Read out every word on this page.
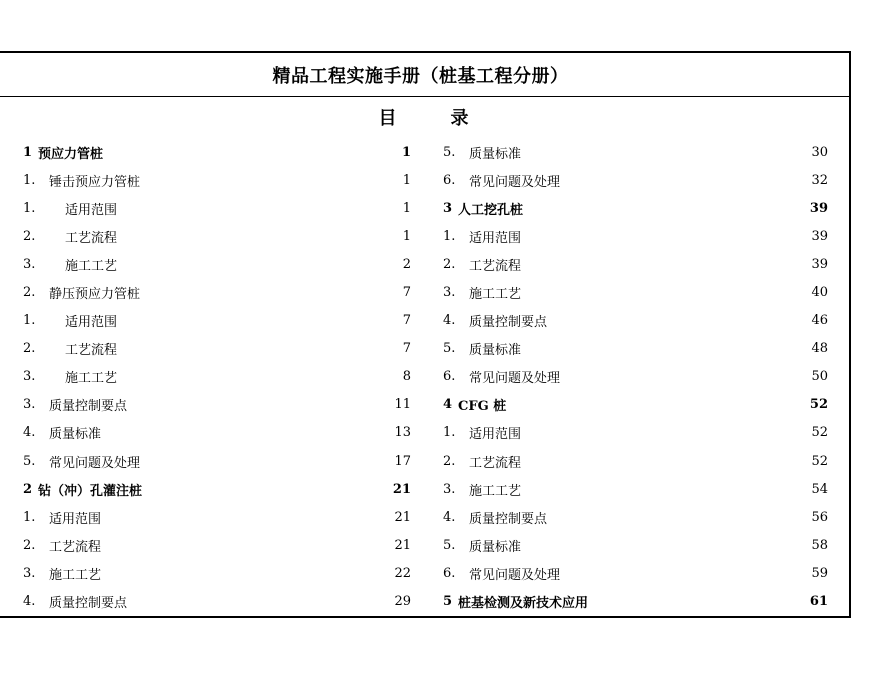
精品工程实施手册（桩基工程分册）
目	录
1 预应力管桩	1
1.	锤击预应力管桩	1
1.	适用范围	1
2.	工艺流程	1
3.	施工工艺	2
2.	静压预应力管桩	7
1.	适用范围	7
2.	工艺流程	7
3.	施工工艺	8
3.	质量控制要点	11
4.	质量标准	13
5.	常见问题及处理	17
2 钻（冲）孔灌注桩	21
1.	适用范围	21
2.	工艺流程	21
3.	施工工艺	22
4.	质量控制要点	29
5.	质量标准	30
6.	常见问题及处理	32
3 人工挖孔桩	39
1.	适用范围	39
2.	工艺流程	39
3.	施工工艺	40
4.	质量控制要点	46
5.	质量标准	48
6.	常见问题及处理	50
4 CFG 桩	52
1.	适用范围	52
2.	工艺流程	52
3.	施工工艺	54
4.	质量控制要点	56
5.	质量标准	58
6.	常见问题及处理	59
5 桩基检测及新技术应用	61
